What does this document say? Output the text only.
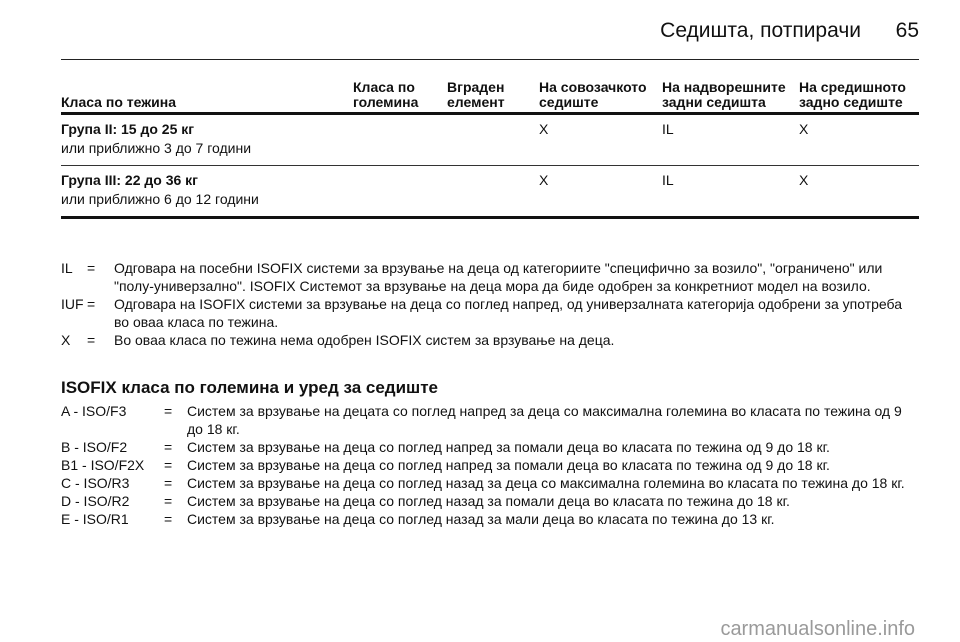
Седишта, потпирачи 65
Класа по тежина	Класа по големина	Вграден елемент	На совозачкото седиште	На надворешните задни седишта	На средишното задно седиште

Група II: 15 до 25 кг
или приближно 3 до 7 години			X	IL	X

Група III: 22 до 36 кг
или приближно 6 до 12 години			X	IL	X
IL	=	Одговара на посебни ISOFIX системи за врзување на деца од категориите "специфично за возило", "ограничено" или "полу-универзално". ISOFIX Системот за врзување на деца мора да биде одобрен за конкретниот модел на возило.
IUF =	Одговара на ISOFIX системи за врзување на деца со поглед напред, од универзалната категорија одобрени за употреба во оваа класа по тежина.
X	=	Во оваа класа по тежина нема одобрен ISOFIX систем за врзување на деца.
ISOFIX класа по големина и уред за седиште
A - ISO/F3	=	Систем за врзување на децата со поглед напред за деца со максимална големина во класата по тежина од 9 до 18 кг.
B - ISO/F2	=	Систем за врзување на деца со поглед напред за помали деца во класата по тежина од 9 до 18 кг.
B1 - ISO/F2X	=	Систем за врзување на деца со поглед напред за помали деца во класата по тежина од 9 до 18 кг.
C - ISO/R3	=	Систем за врзување на деца со поглед назад за деца со максимална големина во класата по тежина до 18 кг.
D - ISO/R2	=	Систем за врзување на деца со поглед назад за помали деца во класата по тежина до 18 кг.
E - ISO/R1	=	Систем за врзување на деца со поглед назад за мали деца во класата по тежина до 13 кг.
carmanualsonline.info
